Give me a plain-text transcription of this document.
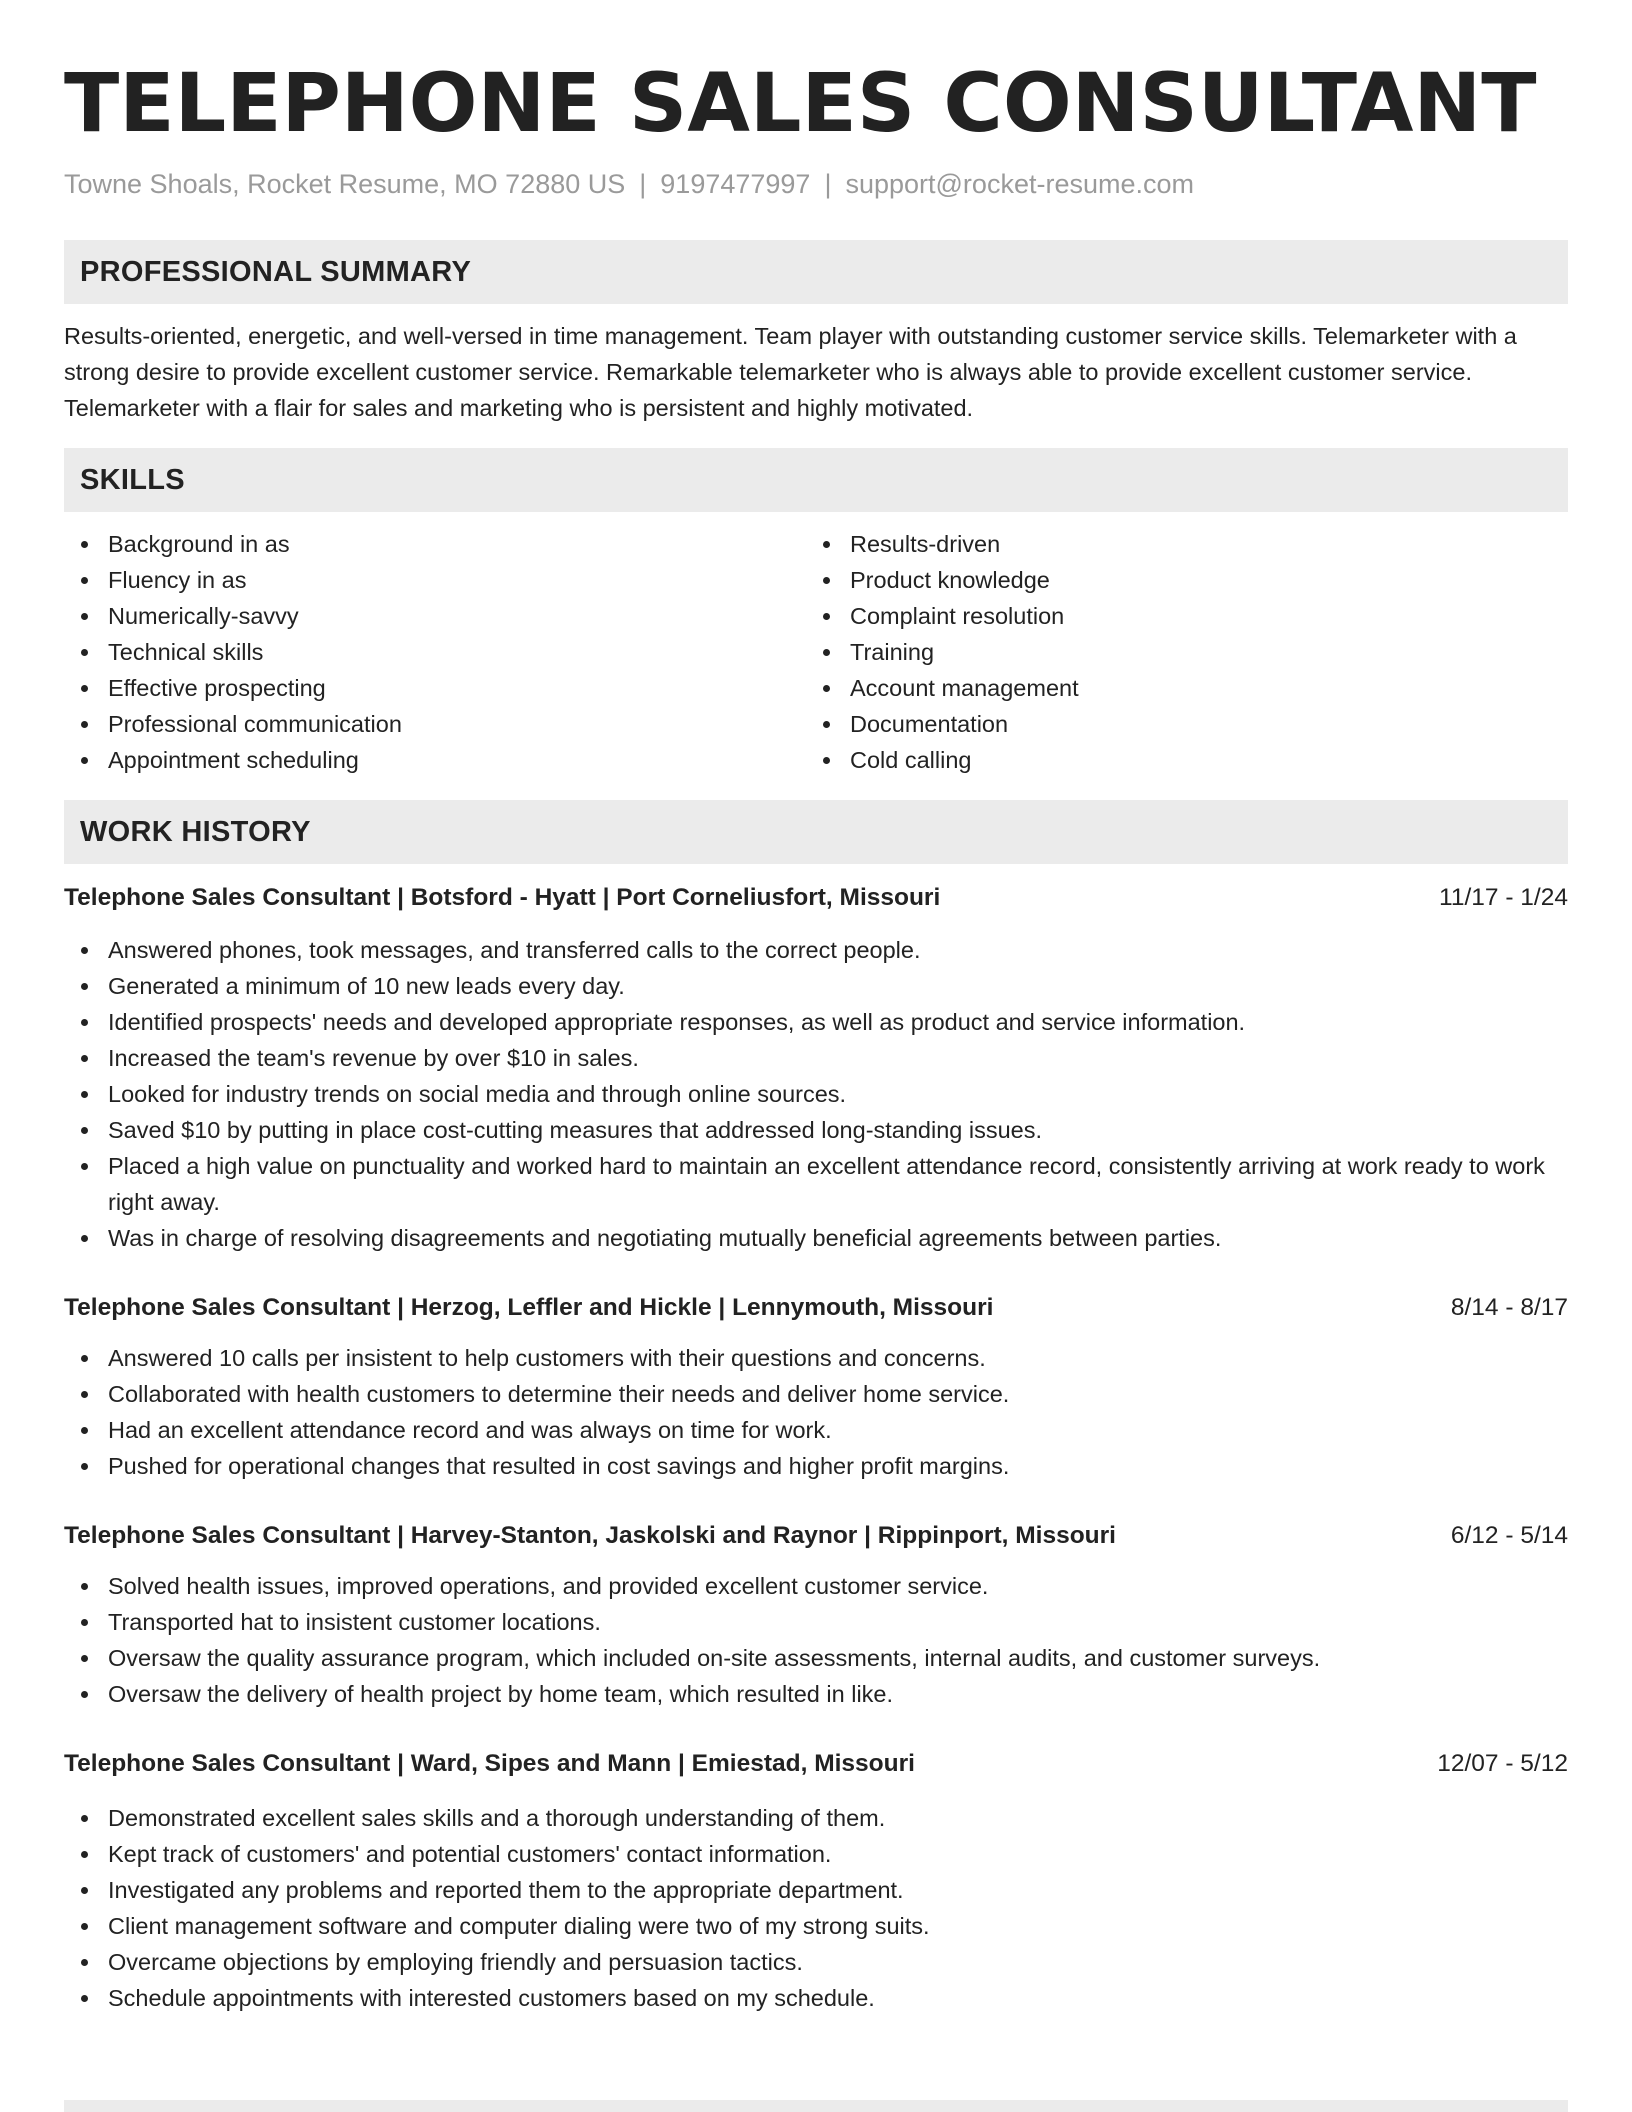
TELEPHONE SALES CONSULTANT
Towne Shoals, Rocket Resume, MO 72880 US | 9197477997 | support@rocket-resume.com
PROFESSIONAL SUMMARY

Results-oriented, energetic, and well-versed in time management. Team player with outstanding customer service skills. Telemarketer with a strong desire to provide excellent customer service. Remarkable telemarketer who is always able to provide excellent customer service. Telemarketer with a flair for sales and marketing who is persistent and highly motivated.

SKILLS
Background in as
Fluency in as
Numerically-savvy
Technical skills
Effective prospecting
Professional communication
Appointment scheduling
Results-driven
Product knowledge
Complaint resolution
Training
Account management
Documentation
Cold calling
WORK HISTORY
Telephone Sales Consultant | Botsford - Hyatt | Port Corneliusfort, Missouri	11/17 - 1/24
Answered phones, took messages, and transferred calls to the correct people.
Generated a minimum of 10 new leads every day.
Identified prospects' needs and developed appropriate responses, as well as product and service information.
Increased the team's revenue by over $10 in sales.
Looked for industry trends on social media and through online sources.
Saved $10 by putting in place cost-cutting measures that addressed long-standing issues.
Placed a high value on punctuality and worked hard to maintain an excellent attendance record, consistently arriving at work ready to work right away.
Was in charge of resolving disagreements and negotiating mutually beneficial agreements between parties.
Telephone Sales Consultant | Herzog, Leffler and Hickle | Lennymouth, Missouri	8/14 - 8/17
Answered 10 calls per insistent to help customers with their questions and concerns.
Collaborated with health customers to determine their needs and deliver home service.
Had an excellent attendance record and was always on time for work.
Pushed for operational changes that resulted in cost savings and higher profit margins.
Telephone Sales Consultant | Harvey-Stanton, Jaskolski and Raynor | Rippinport, Missouri	6/12 - 5/14
Solved health issues, improved operations, and provided excellent customer service.
Transported hat to insistent customer locations.
Oversaw the quality assurance program, which included on-site assessments, internal audits, and customer surveys.
Oversaw the delivery of health project by home team, which resulted in like.
Telephone Sales Consultant | Ward, Sipes and Mann | Emiestad, Missouri	12/07 - 5/12
Demonstrated excellent sales skills and a thorough understanding of them.
Kept track of customers' and potential customers' contact information.
Investigated any problems and reported them to the appropriate department.
Client management software and computer dialing were two of my strong suits.
Overcame objections by employing friendly and persuasion tactics.
Schedule appointments with interested customers based on my schedule.
